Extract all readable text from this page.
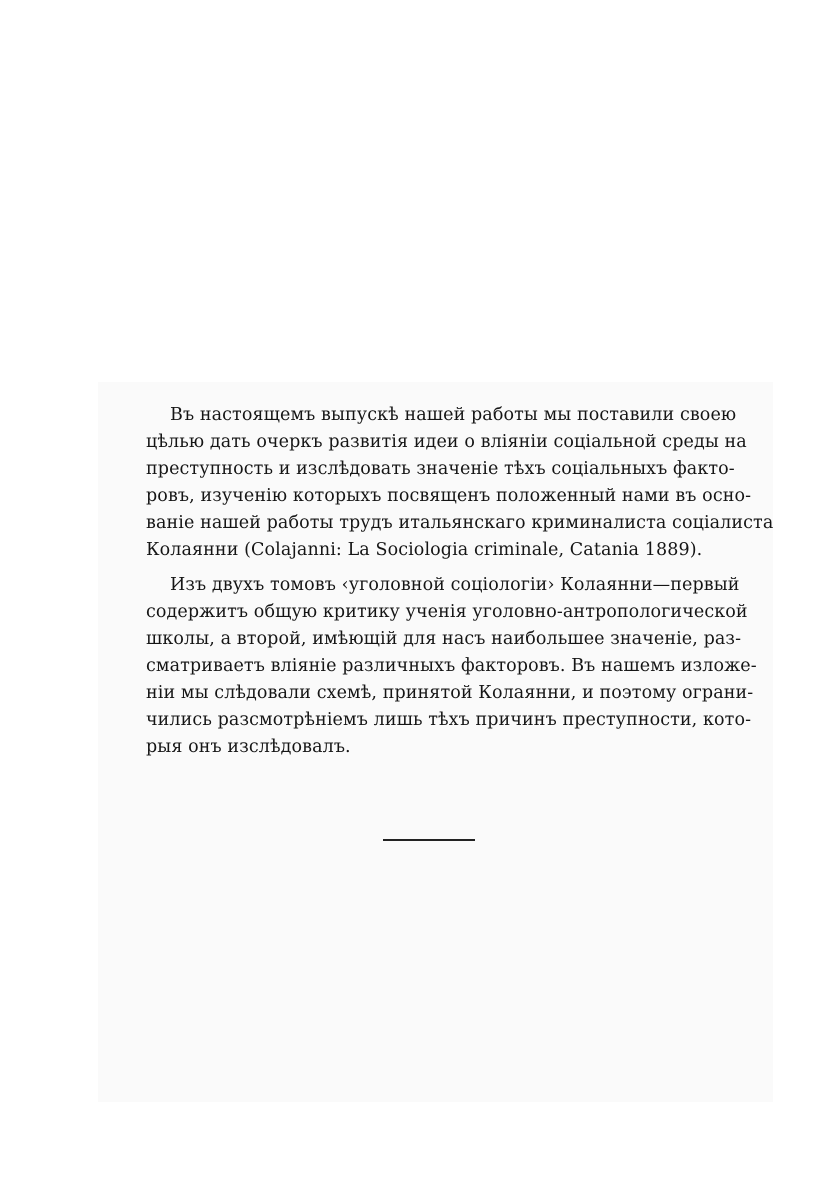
Въ настоящемъ выпускѣ нашей работы мы поставили своею
цѣлью дать очеркъ развитія идеи о вліяніи соціальной среды на
преступность и изслѣдовать значеніе тѣхъ соціальныхъ факто-
ровъ, изученію которыхъ посвященъ положенный нами въ осно-
ваніе нашей работы трудъ итальянскаго криминалиста соціалиста
Колаянни (Colajanni: La Sociologia criminale, Catania 1889).
Изъ двухъ томовъ ‹уголовной соціологіи› Колаянни—первый
содержитъ общую критику ученія уголовно-антропологической
школы, а второй, имѣющій для насъ наибольшее значеніе, раз-
сматриваетъ вліяніе различныхъ факторовъ. Въ нашемъ изложе-
ніи мы слѣдовали схемѣ, принятой Колаянни, и поэтому ограни-
чились разсмотрѣніемъ лишь тѣхъ причинъ преступности, кото-
рыя онъ изслѣдовалъ.
